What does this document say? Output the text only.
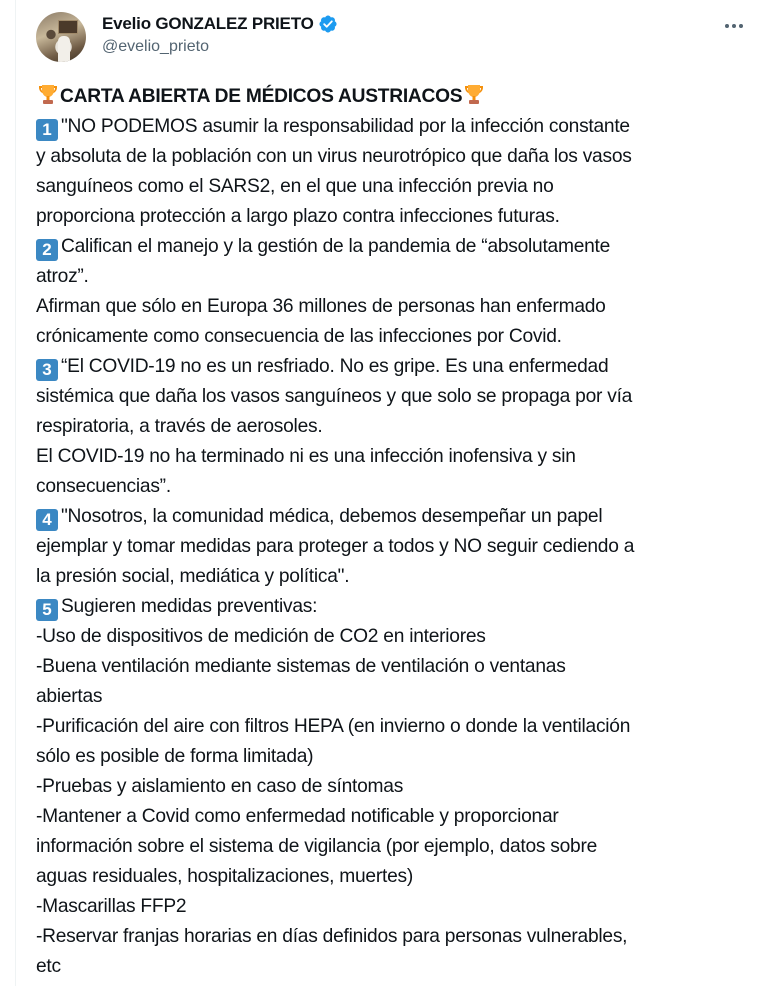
Evelio GONZALEZ PRIETO
@evelio_prieto
CARTA ABIERTA DE MÉDICOS AUSTRIACOS
1 "NO PODEMOS asumir la responsabilidad por la infección constante
y absoluta de la población con un virus neurotrópico que daña los vasos
sanguíneos como el SARS2, en el que una infección previa no
proporciona protección a largo plazo contra infecciones futuras.
2 Califican el manejo y la gestión de la pandemia de “absolutamente
atroz”.
Afirman que sólo en Europa 36 millones de personas han enfermado
crónicamente como consecuencia de las infecciones por Covid.
3 “El COVID-19 no es un resfriado. No es gripe. Es una enfermedad
sistémica que daña los vasos sanguíneos y que solo se propaga por vía
respiratoria, a través de aerosoles.
El COVID-19 no ha terminado ni es una infección inofensiva y sin
consecuencias”.
4 "Nosotros, la comunidad médica, debemos desempeñar un papel
ejemplar y tomar medidas para proteger a todos y NO seguir cediendo a
la presión social, mediática y política".
5 Sugieren medidas preventivas:
-Uso de dispositivos de medición de CO2 en interiores
-Buena ventilación mediante sistemas de ventilación o ventanas
abiertas
-Purificación del aire con filtros HEPA (en invierno o donde la ventilación
sólo es posible de forma limitada)
-Pruebas y aislamiento en caso de síntomas
-Mantener a Covid como enfermedad notificable y proporcionar
información sobre el sistema de vigilancia (por ejemplo, datos sobre
aguas residuales, hospitalizaciones, muertes)
-Mascarillas FFP2
-Reservar franjas horarias en días definidos para personas vulnerables,
etc
